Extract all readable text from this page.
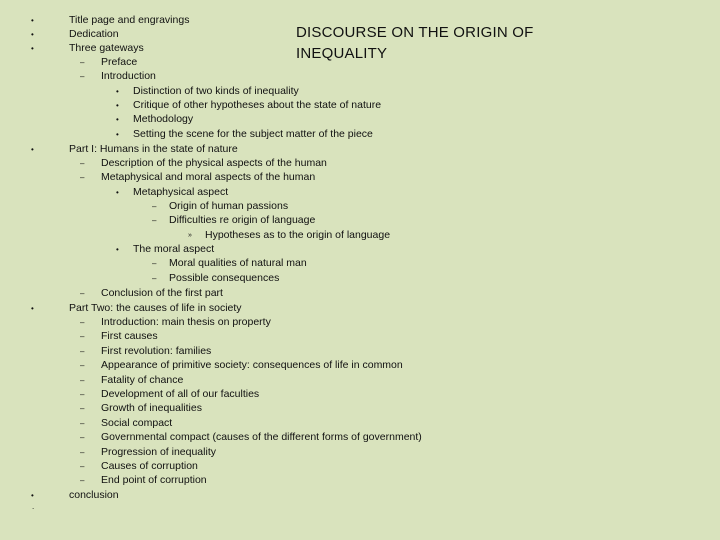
DISCOURSE ON THE ORIGIN OF INEQUALITY
•
•
•
•
•
•
.
Title page and engravings
Dedication
Three gateways
– Preface
– Introduction
• Distinction of two kinds of inequality
• Critique of other hypotheses about the state of nature
• Methodology
• Setting the scene for the subject matter of the piece
Part I: Humans in the state of nature
– Description of the physical aspects of the human
– Metaphysical and moral aspects of the human
• Metaphysical aspect
– Origin of human passions
– Difficulties re origin of language
» Hypotheses as to the origin of language
• The moral aspect
– Moral qualities of natural man
– Possible consequences
– Conclusion of the first part
Part Two: the causes of life in society
– Introduction: main thesis on property
– First causes
– First revolution: families
– Appearance of primitive society: consequences of life in common
– Fatality of chance
– Development of all of our faculties
– Growth of inequalities
– Social compact
– Governmental compact (causes of the different forms of government)
– Progression of inequality
– Causes of corruption
– End point of corruption
conclusion
